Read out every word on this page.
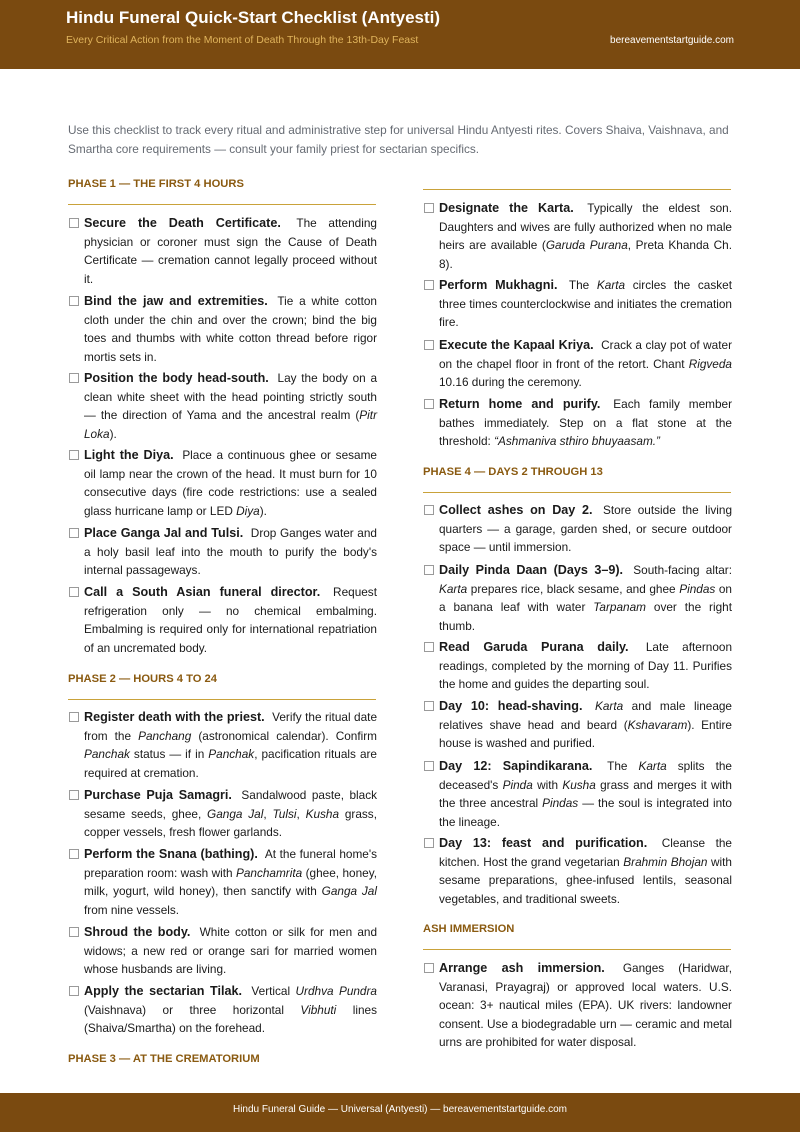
Hindu Funeral Quick-Start Checklist (Antyesti)
Every Critical Action from the Moment of Death Through the 13th-Day Feast	bereavementstartguide.com
Use this checklist to track every ritual and administrative step for universal Hindu Antyesti rites. Covers Shaiva, Vaishnava, and Smartha core requirements — consult your family priest for sectarian specifics.
PHASE 1 — THE FIRST 4 HOURS
Secure the Death Certificate. The attending physician or coroner must sign the Cause of Death Certificate — cremation cannot legally proceed without it.
Bind the jaw and extremities. Tie a white cotton cloth under the chin and over the crown; bind the big toes and thumbs with white cotton thread before rigor mortis sets in.
Position the body head-south. Lay the body on a clean white sheet with the head pointing strictly south — the direction of Yama and the ancestral realm (Pitr Loka).
Light the Diya. Place a continuous ghee or sesame oil lamp near the crown of the head. It must burn for 10 consecutive days (fire code restrictions: use a sealed glass hurricane lamp or LED Diya).
Place Ganga Jal and Tulsi. Drop Ganges water and a holy basil leaf into the mouth to purify the body's internal passageways.
Call a South Asian funeral director. Request refrigeration only — no chemical embalming. Embalming is required only for international repatriation of an uncremated body.
PHASE 2 — HOURS 4 TO 24
Register death with the priest. Verify the ritual date from the Panchang (astronomical calendar). Confirm Panchak status — if in Panchak, pacification rituals are required at cremation.
Purchase Puja Samagri. Sandalwood paste, black sesame seeds, ghee, Ganga Jal, Tulsi, Kusha grass, copper vessels, fresh flower garlands.
Perform the Snana (bathing). At the funeral home's preparation room: wash with Panchamrita (ghee, honey, milk, yogurt, wild honey), then sanctify with Ganga Jal from nine vessels.
Shroud the body. White cotton or silk for men and widows; a new red or orange sari for married women whose husbands are living.
Apply the sectarian Tilak. Vertical Urdhva Pundra (Vaishnava) or three horizontal Vibhuti lines (Shaiva/Smartha) on the forehead.
PHASE 3 — AT THE CREMATORIUM
Designate the Karta. Typically the eldest son. Daughters and wives are fully authorized when no male heirs are available (Garuda Purana, Preta Khanda Ch. 8).
Perform Mukhagni. The Karta circles the casket three times counterclockwise and initiates the cremation fire.
Execute the Kapaal Kriya. Crack a clay pot of water on the chapel floor in front of the retort. Chant Rigveda 10.16 during the ceremony.
Return home and purify. Each family member bathes immediately. Step on a flat stone at the threshold: “Ashmaniva sthiro bhuyaasam.”
PHASE 4 — DAYS 2 THROUGH 13
Collect ashes on Day 2. Store outside the living quarters — a garage, garden shed, or secure outdoor space — until immersion.
Daily Pinda Daan (Days 3–9). South-facing altar: Karta prepares rice, black sesame, and ghee Pindas on a banana leaf with water Tarpanam over the right thumb.
Read Garuda Purana daily. Late afternoon readings, completed by the morning of Day 11. Purifies the home and guides the departing soul.
Day 10: head-shaving. Karta and male lineage relatives shave head and beard (Kshavaram). Entire house is washed and purified.
Day 12: Sapindikarana. The Karta splits the deceased's Pinda with Kusha grass and merges it with the three ancestral Pindas — the soul is integrated into the lineage.
Day 13: feast and purification. Cleanse the kitchen. Host the grand vegetarian Brahmin Bhojan with sesame preparations, ghee-infused lentils, seasonal vegetables, and traditional sweets.
ASH IMMERSION
Arrange ash immersion. Ganges (Haridwar, Varanasi, Prayagraj) or approved local waters. U.S. ocean: 3+ nautical miles (EPA). UK rivers: landowner consent. Use a biodegradable urn — ceramic and metal urns are prohibited for water disposal.
Hindu Funeral Guide — Universal (Antyesti) — bereavementstartguide.com
